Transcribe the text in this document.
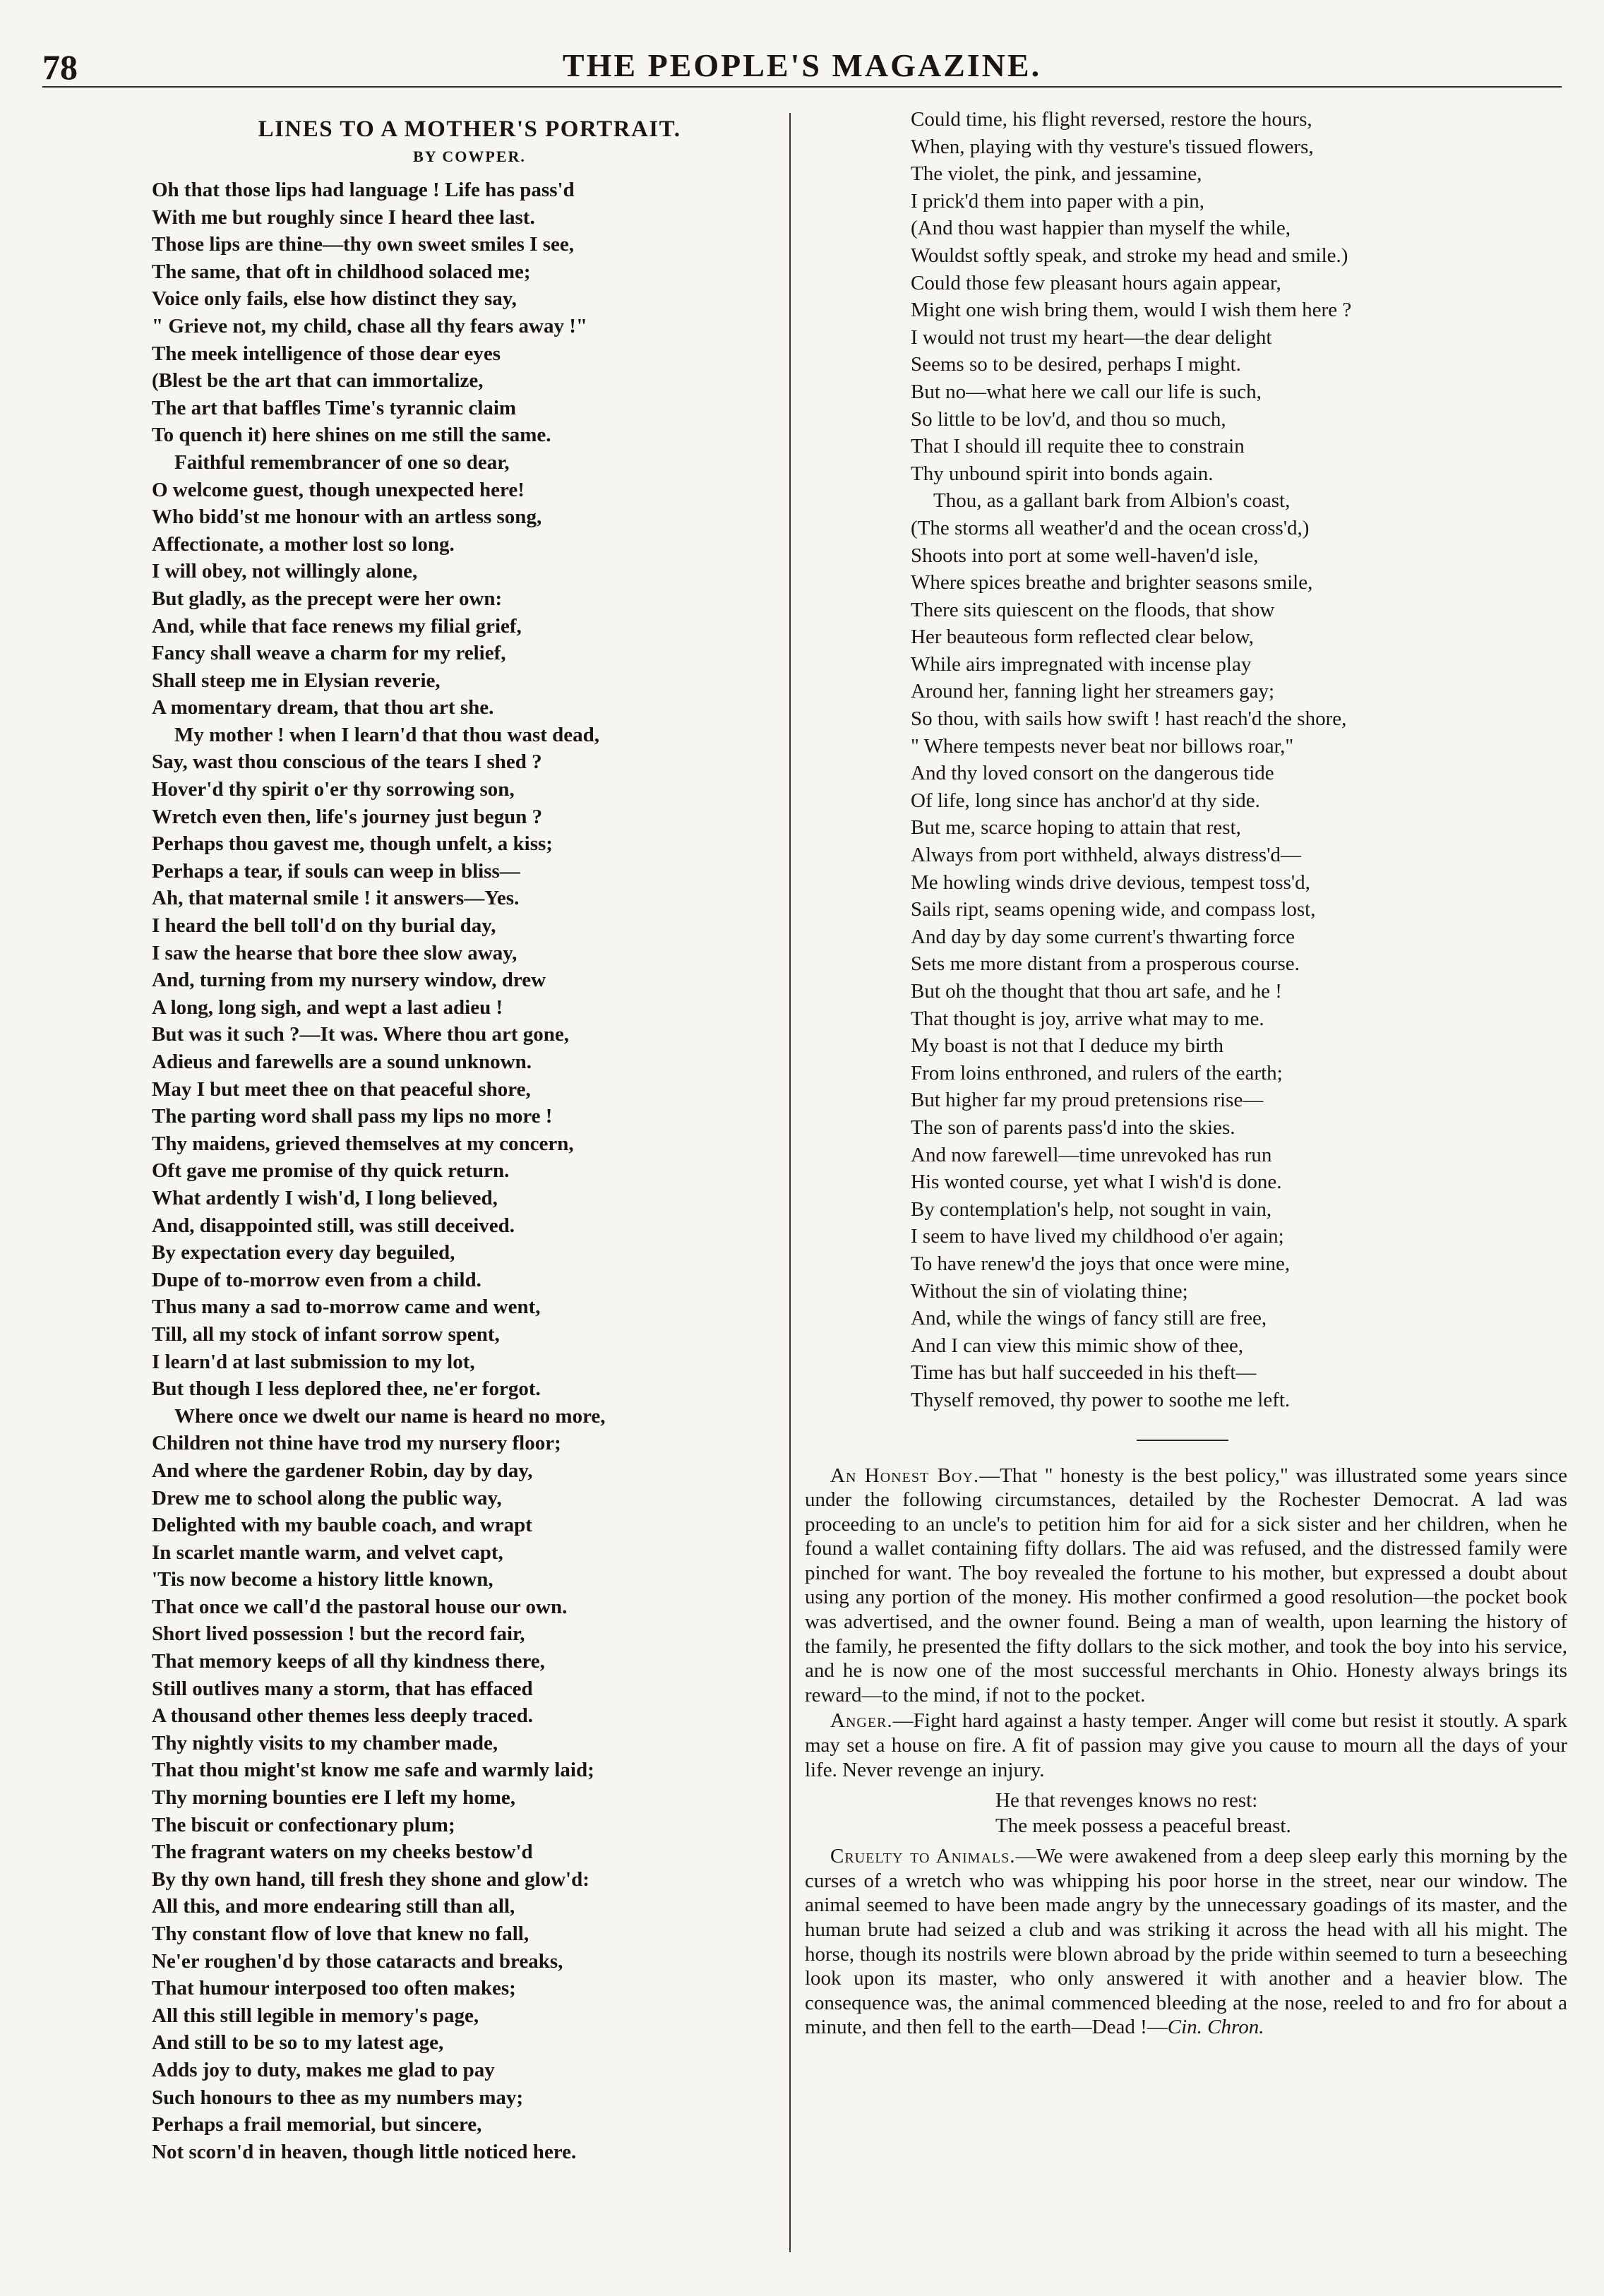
78	THE PEOPLE'S MAGAZINE.
LINES TO A MOTHER'S PORTRAIT.
BY COWPER.
Oh that those lips had language ! Life has pass'd
With me but roughly since I heard thee last.
Those lips are thine—thy own sweet smiles I see,
The same, that oft in childhood solaced me;
Voice only fails, else how distinct they say,
" Grieve not, my child, chase all thy fears away !"
The meek intelligence of those dear eyes
(Blest be the art that can immortalize,
The art that baffles Time's tyrannic claim
To quench it) here shines on me still the same.
Faithful remembrancer of one so dear,
O welcome guest, though unexpected here!
Who bidd'st me honour with an artless song,
Affectionate, a mother lost so long.
I will obey, not willingly alone,
But gladly, as the precept were her own:
And, while that face renews my filial grief,
Fancy shall weave a charm for my relief,
Shall steep me in Elysian reverie,
A momentary dream, that thou art she.
My mother ! when I learn'd that thou wast dead,
Say, wast thou conscious of the tears I shed ?
Hover'd thy spirit o'er thy sorrowing son,
Wretch even then, life's journey just begun ?
Perhaps thou gavest me, though unfelt, a kiss;
Perhaps a tear, if souls can weep in bliss—
Ah, that maternal smile ! it answers—Yes.
I heard the bell toll'd on thy burial day,
I saw the hearse that bore thee slow away,
And, turning from my nursery window, drew
A long, long sigh, and wept a last adieu !
But was it such ?—It was. Where thou art gone,
Adieus and farewells are a sound unknown.
May I but meet thee on that peaceful shore,
The parting word shall pass my lips no more !
Thy maidens, grieved themselves at my concern,
Oft gave me promise of thy quick return.
What ardently I wish'd, I long believed,
And, disappointed still, was still deceived.
By expectation every day beguiled,
Dupe of to-morrow even from a child.
Thus many a sad to-morrow came and went,
Till, all my stock of infant sorrow spent,
I learn'd at last submission to my lot,
But though I less deplored thee, ne'er forgot.
Where once we dwelt our name is heard no more,
Children not thine have trod my nursery floor;
And where the gardener Robin, day by day,
Drew me to school along the public way,
Delighted with my bauble coach, and wrapt
In scarlet mantle warm, and velvet capt,
'Tis now become a history little known,
That once we call'd the pastoral house our own.
Short lived possession ! but the record fair,
That memory keeps of all thy kindness there,
Still outlives many a storm, that has effaced
A thousand other themes less deeply traced.
Thy nightly visits to my chamber made,
That thou might'st know me safe and warmly laid;
Thy morning bounties ere I left my home,
The biscuit or confectionary plum;
The fragrant waters on my cheeks bestow'd
By thy own hand, till fresh they shone and glow'd:
All this, and more endearing still than all,
Thy constant flow of love that knew no fall,
Ne'er roughen'd by those cataracts and breaks,
That humour interposed too often makes;
All this still legible in memory's page,
And still to be so to my latest age,
Adds joy to duty, makes me glad to pay
Such honours to thee as my numbers may;
Perhaps a frail memorial, but sincere,
Not scorn'd in heaven, though little noticed here.
Could time, his flight reversed, restore the hours,
When, playing with thy vesture's tissued flowers,
The violet, the pink, and jessamine,
I prick'd them into paper with a pin,
(And thou wast happier than myself the while,
Wouldst softly speak, and stroke my head and smile.)
Could those few pleasant hours again appear,
Might one wish bring them, would I wish them here ?
I would not trust my heart—the dear delight
Seems so to be desired, perhaps I might.
But no—what here we call our life is such,
So little to be lov'd, and thou so much,
That I should ill requite thee to constrain
Thy unbound spirit into bonds again.
Thou, as a gallant bark from Albion's coast,
(The storms all weather'd and the ocean cross'd,)
Shoots into port at some well-haven'd isle,
Where spices breathe and brighter seasons smile,
There sits quiescent on the floods, that show
Her beauteous form reflected clear below,
While airs impregnated with incense play
Around her, fanning light her streamers gay;
So thou, with sails how swift ! hast reach'd the shore,
" Where tempests never beat nor billows roar,"
And thy loved consort on the dangerous tide
Of life, long since has anchor'd at thy side.
But me, scarce hoping to attain that rest,
Always from port withheld, always distress'd—
Me howling winds drive devious, tempest toss'd,
Sails ript, seams opening wide, and compass lost,
And day by day some current's thwarting force
Sets me more distant from a prosperous course.
But oh the thought that thou art safe, and he !
That thought is joy, arrive what may to me.
My boast is not that I deduce my birth
From loins enthroned, and rulers of the earth;
But higher far my proud pretensions rise—
The son of parents pass'd into the skies.
And now farewell—time unrevoked has run
His wonted course, yet what I wish'd is done.
By contemplation's help, not sought in vain,
I seem to have lived my childhood o'er again;
To have renew'd the joys that once were mine,
Without the sin of violating thine;
And, while the wings of fancy still are free,
And I can view this mimic show of thee,
Time has but half succeeded in his theft—
Thyself removed, thy power to soothe me left.

An Honest Boy.—That " honesty is the best policy," was illustrated some years since under the following circumstances, detailed by the Rochester Democrat. A lad was proceeding to an uncle's to petition him for aid for a sick sister and her children, when he found a wallet containing fifty dollars. The aid was refused, and the distressed family were pinched for want. The boy revealed the fortune to his mother, but expressed a doubt about using any portion of the money. His mother confirmed a good resolution—the pocket book was advertised, and the owner found. Being a man of wealth, upon learning the history of the family, he presented the fifty dollars to the sick mother, and took the boy into his service, and he is now one of the most successful merchants in Ohio. Honesty always brings its reward—to the mind, if not to the pocket.

Anger.—Fight hard against a hasty temper. Anger will come but resist it stoutly. A spark may set a house on fire. A fit of passion may give you cause to mourn all the days of your life. Never revenge an injury.

He that revenges knows no rest:
The meek possess a peaceful breast.

Cruelty to Animals.—We were awakened from a deep sleep early this morning by the curses of a wretch who was whipping his poor horse in the street, near our window. The animal seemed to have been made angry by the unnecessary goadings of its master, and the human brute had seized a club and was striking it across the head with all his might. The horse, though its nostrils were blown abroad by the pride within seemed to turn a beseeching look upon its master, who only answered it with another and a heavier blow. The consequence was, the animal commenced bleeding at the nose, reeled to and fro for about a minute, and then fell to the earth—Dead !—Cin. Chron.
